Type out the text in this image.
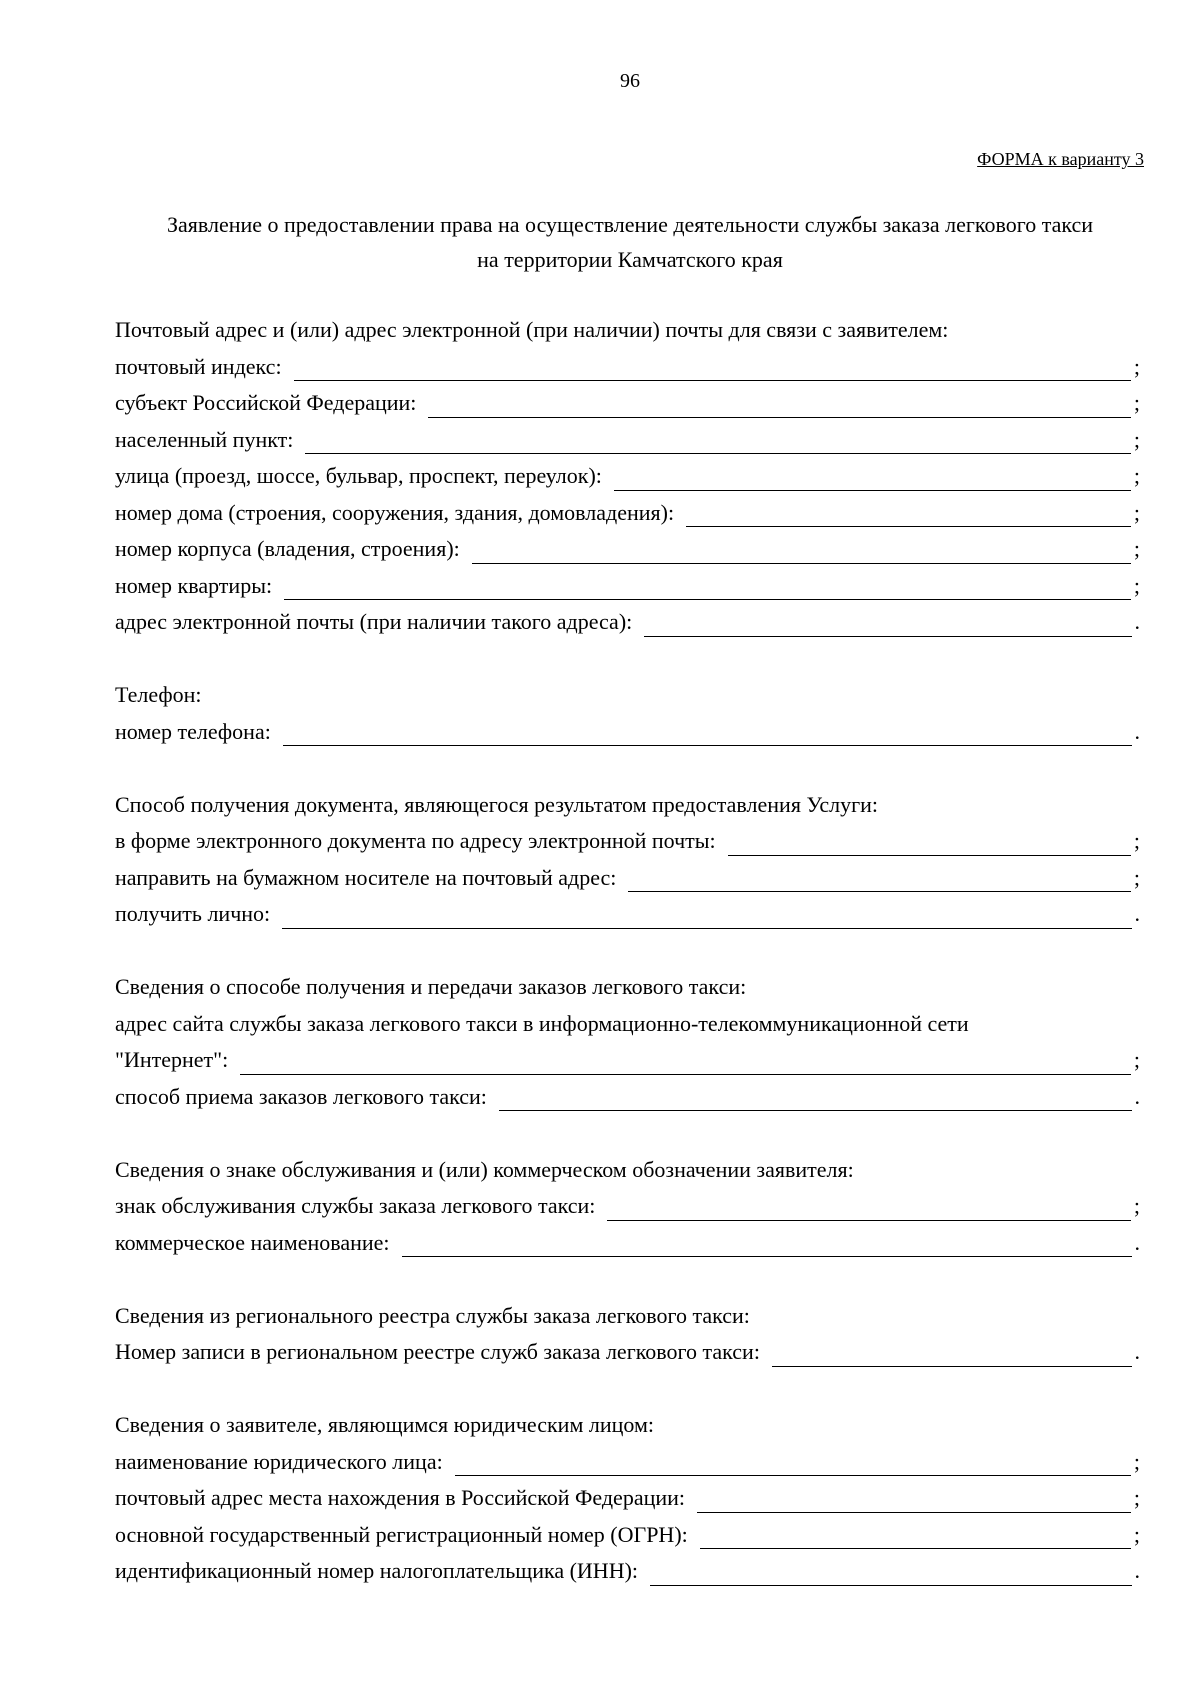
96
ФОРМА к варианту 3
Заявление о предоставлении права на осуществление деятельности службы заказа легкового такси
на территории Камчатского края
Почтовый адрес и (или) адрес электронной (при наличии) почты для связи с заявителем:
почтовый индекс:	;
субъект Российской Федерации:	;
населенный пункт:	;
улица (проезд, шоссе, бульвар, проспект, переулок):	;
номер дома (строения, сооружения, здания, домовладения):	;
номер корпуса (владения, строения):	;
номер квартиры:	;
адрес электронной почты (при наличии такого адреса):	.
Телефон:
номер телефона:	.
Способ получения документа, являющегося результатом предоставления Услуги:
в форме электронного документа по адресу электронной почты:	;
направить на бумажном носителе на почтовый адрес:	;
получить лично:	.
Сведения о способе получения и передачи заказов легкового такси:
адрес сайта службы заказа легкового такси в информационно-телекоммуникационной сети
"Интернет":	;
способ приема заказов легкового такси:	.
Сведения о знаке обслуживания и (или) коммерческом обозначении заявителя:
знак обслуживания службы заказа легкового такси:	;
коммерческое наименование:	.
Сведения из регионального реестра службы заказа легкового такси:
Номер записи в региональном реестре служб заказа легкового такси:	.
Сведения о заявителе, являющимся юридическим лицом:
наименование юридического лица:	;
почтовый адрес места нахождения в Российской Федерации:	;
основной государственный регистрационный номер (ОГРН):	;
идентификационный номер налогоплательщика (ИНН):	.
